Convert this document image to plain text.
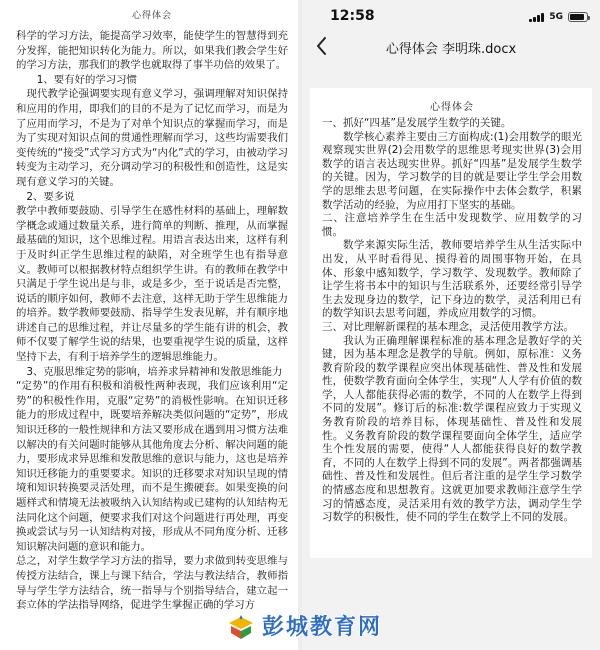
心得体会

科学的学习方法，能提高学习效率，能使学生的智慧得到充分发挥，能把知识转化为能力。所以，如果我们教会学生好的学习方法，那我们的教学也就取得了事半功倍的效果了。

1、要有好的学习习惯

现代教学论强调要实现有意义学习，强调理解对知识保持和应用的作用，即我们的目的不是为了记忆而学习，而是为了应用而学习，不是为了对单个知识点的掌握而学习，而是为了实现对知识点间的贯通性理解而学习，这些均需要我们变传统的“接受”式学习方式为“内化”式的学习，由被动学习转变为主动学习，充分调动学习的积极性和创造性，这是实现有意义学习的关键。

2、要多说

教学中教师要鼓励、引导学生在感性材料的基础上，理解数学概念或通过数量关系，进行简单的判断、推理，从而掌握最基础的知识，这个思维过程。用语言表达出来，这样有利于及时纠正学生思维过程的缺陷，对全班学生也有指导意义。教师可以根据教材特点组织学生讲。有的教师在教学中只满足于学生说出是与非，或是多少，至于说话是否完整，说话的顺序如何，教师不去注意，这样无助于学生思维能力的培养。数学教师要鼓励、指导学生发表见解，并有顺序地讲述自己的思维过程，并让尽量多的学生能有讲的机会，教师不仅要了解学生说的结果，也要重视学生说的质量，这样坚持下去，有利于培养学生的逻辑思维能力。

3、克服思维定势的影响，培养求异精神和发散思维能力

“定势”的作用有积极和消极性两种表现，我们应该利用“定势”的积极性作用，克服“定势”的消极性影响。在知识迁移能力的形成过程中，既要培养解决类似问题的“定势”，形成知识迁移的一般性规律和方法又要形成在遇到用习惯方法难以解决的有关问题时能够从其他角度去分析、解决问题的能力，要形成求异思维和发散思维的意识与能力，这也是培养知识迁移能力的重要要求。知识的迁移要求对知识呈现的情境和知识转换要灵活处理，而不是生搬硬套。如果变换的问题样式和情境无法被吸纳入认知结构或已建构的认知结构无法同化这个问题，便要求我们对这个问题进行再处理，再变换或尝试与另一认知结构对接，形成从不同角度分析、迁移知识解决问题的意识和能力。

总之，对学生数学学习方法的指导，要力求做到转变思维与传授方法结合，课上与课下结合，学法与教法结合，教师指导与学生学方法结合，统一指导与个别指导结合，建立起一套立体的学法指导网络，促进学生掌握正确的学习方

12:58	5G
心得体会 李明珠.docx
心得体会

一、抓好“四基”是发展学生数学的关键。

数学核心素养主要由三方面构成:(1)会用数学的眼光观察现实世界(2)会用数学的思维思考现实世界(3)会用数学的语言表达现实世界。抓好“四基”是发展学生数学的关键。因为，学习数学的目的就是要让学生学会用数学的思维去思考问题，在实际操作中去体会数学，积累数学活动的经验，为应用打下坚实的基础。

二、注意培养学生在生活中发现数学、应用数学的习惯。

数学来源实际生活，教师要培养学生从生活实际中出发，从平时看得见、摸得着的周围事物开始，在具体、形象中感知数学，学习数学、发现数学。教师除了让学生将书本中的知识与生活联系外，还要经常引导学生去发现身边的数学，记下身边的数学，灵活利用已有的数学知识去思考问题，养成应用数学的习惯。

三、对比理解新课程的基本理念，灵活使用教学方法。

我认为正确理解课程标准的基本理念是教好学的关键，因为基本理念是教学的导航。例如，原标准：义务教育阶段的数学课程应突出体现基础性、普及性和发展性，使数学教育面向全体学生，实现“人人学有价值的数学，人人都能获得必需的数学，不同的人在数学上得到不同的发展”。修订后的标准:数学课程应致力于实现义务教育阶段的培养目标，体现基础性、普及性和发展性。义务教育阶段的数学课程要面向全体学生，适应学生个性发展的需要，使得“人人都能获得良好的数学教育，不同的人在数学上得到不同的发展”。两者都强调基础性、普及性和发展性。但后者注重的是学生学习数学的情感态度和思想教育。这就更加要求教师注意学生学习的情感态度，灵活采用有效的教学方法，调动学生学习数学的积极性，使不同的学生在数学上不同的发展。

彭城教育网
